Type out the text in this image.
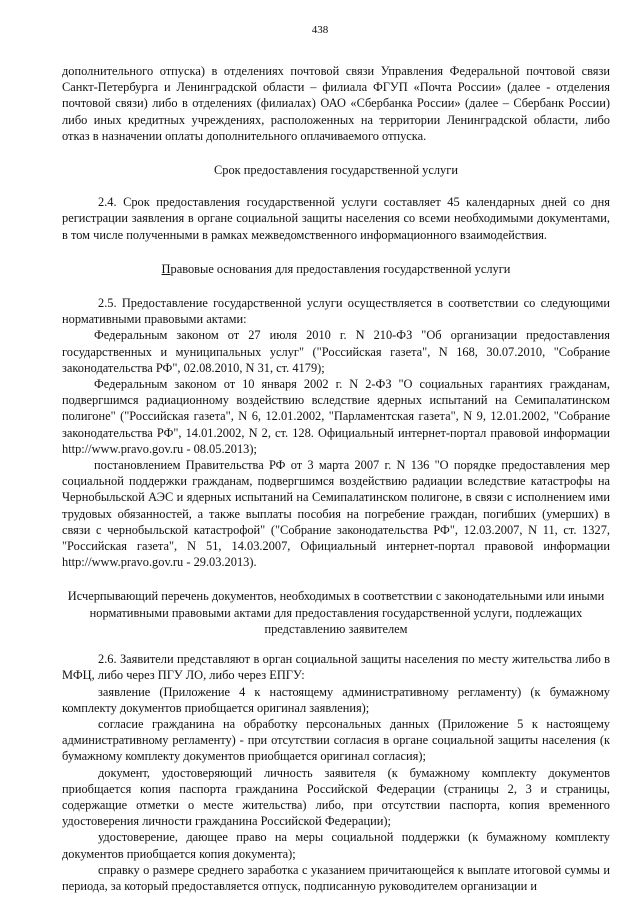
438

дополнительного отпуска) в отделениях почтовой связи Управления Федеральной почтовой связи Санкт-Петербурга и Ленинградской области – филиала ФГУП «Почта России» (далее - отделения почтовой связи) либо в отделениях (филиалах) ОАО «Сбербанка России» (далее – Сбербанк России) либо иных кредитных учреждениях, расположенных на территории Ленинградской области, либо отказ в назначении оплаты дополнительного оплачиваемого отпуска.

Срок предоставления государственной услуги

2.4. Срок предоставления государственной услуги составляет 45 календарных дней со дня регистрации заявления в органе социальной защиты населения со всеми необходимыми документами, в том числе полученными в рамках межведомственного информационного взаимодействия.

Правовые основания для предоставления государственной услуги

2.5. Предоставление государственной услуги осуществляется в соответствии со следующими нормативными правовыми актами:

Федеральным законом от 27 июля 2010 г. N 210-ФЗ "Об организации предоставления государственных и муниципальных услуг" ("Российская газета", N 168, 30.07.2010, "Собрание законодательства РФ", 02.08.2010, N 31, ст. 4179);

Федеральным законом от 10 января 2002 г. N 2-ФЗ "О социальных гарантиях гражданам, подвергшимся радиационному воздействию вследствие ядерных испытаний на Семипалатинском полигоне" ("Российская газета", N 6, 12.01.2002, "Парламентская газета", N 9, 12.01.2002, "Собрание законодательства РФ", 14.01.2002, N 2, ст. 128. Официальный интернет-портал правовой информации http://www.pravo.gov.ru - 08.05.2013);

постановлением Правительства РФ от 3 марта 2007 г. N 136 "О порядке предоставления мер социальной поддержки гражданам, подвергшимся воздействию радиации вследствие катастрофы на Чернобыльской АЭС и ядерных испытаний на Семипалатинском полигоне, в связи с исполнением ими трудовых обязанностей, а также выплаты пособия на погребение граждан, погибших (умерших) в связи с чернобыльской катастрофой" ("Собрание законодательства РФ", 12.03.2007, N 11, ст. 1327, "Российская газета", N 51, 14.03.2007, Официальный интернет-портал правовой информации http://www.pravo.gov.ru - 29.03.2013).

Исчерпывающий перечень документов, необходимых в соответствии с законодательными или иными нормативными правовыми актами для предоставления государственной услуги, подлежащих представлению заявителем

2.6. Заявители представляют в орган социальной защиты населения по месту жительства либо в МФЦ, либо через ПГУ ЛО, либо через ЕПГУ:

заявление (Приложение 4 к настоящему административному регламенту) (к бумажному комплекту документов приобщается оригинал заявления);

согласие гражданина на обработку персональных данных (Приложение 5 к настоящему административному регламенту) - при отсутствии согласия в органе социальной защиты населения (к бумажному комплекту документов приобщается оригинал согласия);

документ, удостоверяющий личность заявителя (к бумажному комплекту документов приобщается копия паспорта гражданина Российской Федерации (страницы 2, 3 и страницы, содержащие отметки о месте жительства) либо, при отсутствии паспорта, копия временного удостоверения личности гражданина Российской Федерации);

удостоверение, дающее право на меры социальной поддержки (к бумажному комплекту документов приобщается копия документа);

справку о размере среднего заработка с указанием причитающейся к выплате итоговой суммы и периода, за который предоставляется отпуск, подписанную руководителем организации и
